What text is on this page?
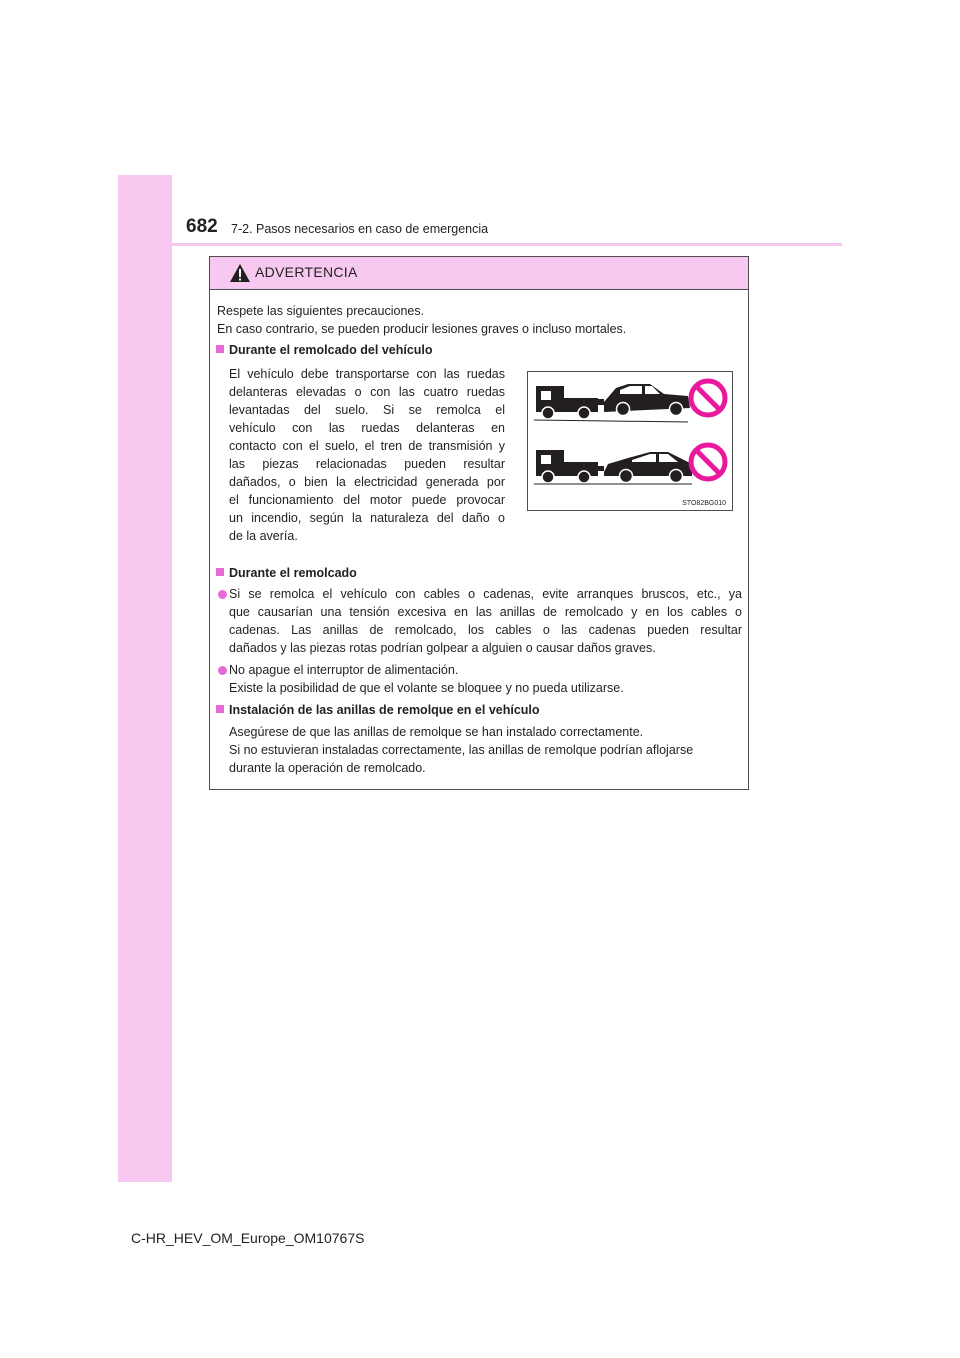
682 7-2. Pasos necesarios en caso de emergencia
ADVERTENCIA
Respete las siguientes precauciones.
En caso contrario, se pueden producir lesiones graves o incluso mortales.
Durante el remolcado del vehículo
El vehículo debe transportarse con las ruedas
delanteras elevadas o con las cuatro ruedas
levantadas del suelo. Si se remolca el
vehículo con las ruedas delanteras en
contacto con el suelo, el tren de transmisión y
las piezas relacionadas pueden resultar
dañados, o bien la electricidad generada por
el funcionamiento del motor puede provocar
un incendio, según la naturaleza del daño o
de la avería.
STO82BG010
Durante el remolcado
Si se remolca el vehículo con cables o cadenas, evite arranques bruscos, etc., ya
que causarían una tensión excesiva en las anillas de remolcado y en los cables o
cadenas. Las anillas de remolcado, los cables o las cadenas pueden resultar
dañados y las piezas rotas podrían golpear a alguien o causar daños graves.
No apague el interruptor de alimentación.
Existe la posibilidad de que el volante se bloquee y no pueda utilizarse.
Instalación de las anillas de remolque en el vehículo
Asegúrese de que las anillas de remolque se han instalado correctamente.
Si no estuvieran instaladas correctamente, las anillas de remolque podrían aflojarse
durante la operación de remolcado.
C-HR_HEV_OM_Europe_OM10767S
